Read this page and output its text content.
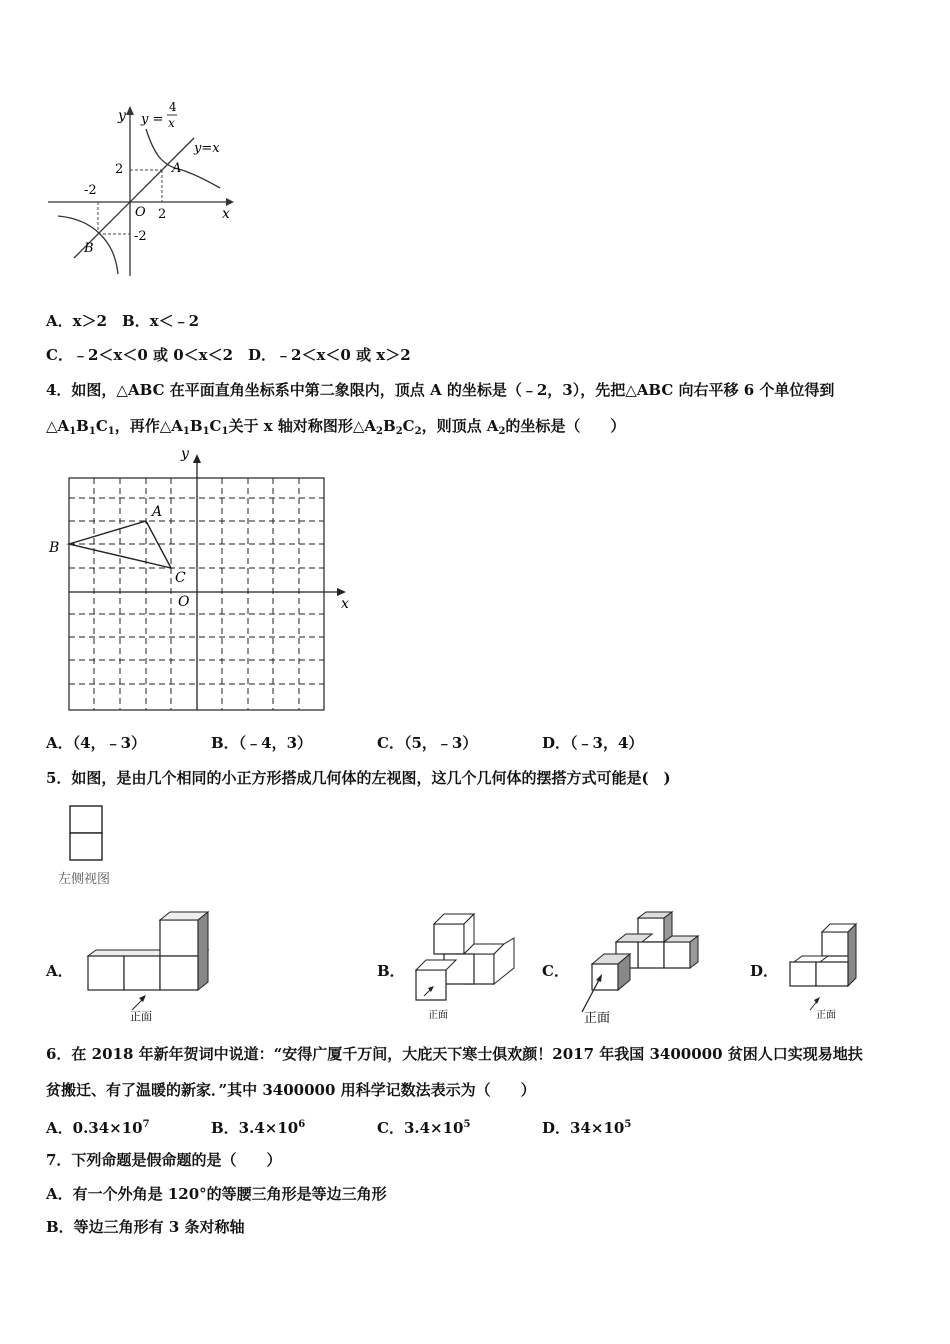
y y =
4
x
y=x
A
B
O	x
2
-2
2
-2
A．x＞2　B．x＜﹣2
C．﹣2＜x＜0 或 0＜x＜2　D．﹣2＜x＜0 或 x＞2
4．如图，△ABC 在平面直角坐标系中第二象限内，顶点 A 的坐标是（﹣2，3），先把△ABC 向右平移 6 个单位得到
$\triangle A_1B_1C_1$，再作$\triangle A_1B_1C_1$关于 x 轴对称图形$\triangle A_2B_2C_2$，则顶点 $A_2$的坐标是（　　）
y
x
O
A
B
C
A．（4，﹣3）	B．（﹣4，3）	C．（5，﹣3）	D．（﹣3，4）
5．如图，是由几个相同的小正方形搭成几何体的左视图，这几个几何体的摆搭方式可能是(　)
左侧视图
A．
正面
B．
正面
C．
正面
D．
正面
6．在 2018 年新年贺词中说道：“安得广厦千万间，大庇天下寒士俱欢颜！2017 年我国 3400000 贫困人口实现易地扶
贫搬迁、有了温暖的新家．”其中 3400000 用科学记数法表示为（　　）
A．$0.34\times 10^7$	B．$3.4\times 10^6$	C．$3.4\times 10^5$	D．$34\times 10^5$
7．下列命题是假命题的是（　　）
A．有一个外角是 120°的等腰三角形是等边三角形
B．等边三角形有 3 条对称轴
